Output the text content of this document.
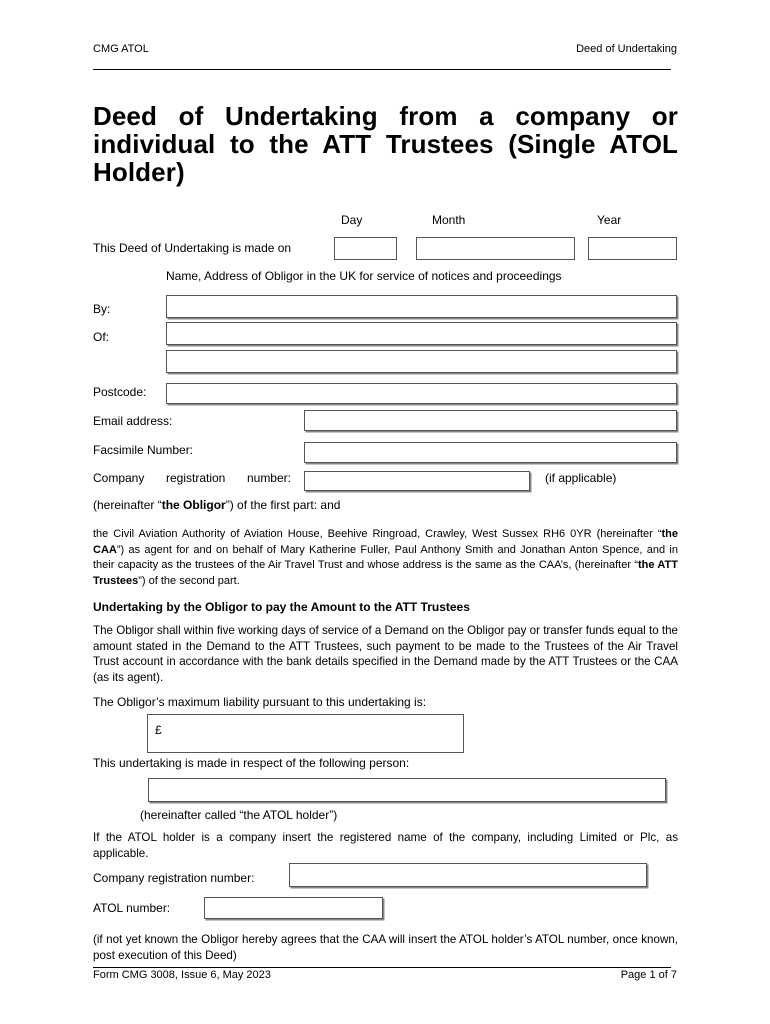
CMG ATOL	Deed of Undertaking
Deed of Undertaking from a company or individual to the ATT Trustees (Single ATOL Holder)
Day	Month	Year
This Deed of Undertaking is made on
Name, Address of Obligor in the UK for service of notices and proceedings
By:
Of:
Postcode:
Email address:
Facsimile Number:
Company registration number:	(if applicable)
(hereinafter “the Obligor”) of the first part: and
the Civil Aviation Authority of Aviation House, Beehive Ringroad, Crawley, West Sussex RH6 0YR (hereinafter “the CAA”) as agent for and on behalf of Mary Katherine Fuller, Paul Anthony Smith and Jonathan Anton Spence, and in their capacity as the trustees of the Air Travel Trust and whose address is the same as the CAA’s, (hereinafter “the ATT Trustees”) of the second part.
Undertaking by the Obligor to pay the Amount to the ATT Trustees
The Obligor shall within five working days of service of a Demand on the Obligor pay or transfer funds equal to the amount stated in the Demand to the ATT Trustees, such payment to be made to the Trustees of the Air Travel Trust account in accordance with the bank details specified in the Demand made by the ATT Trustees or the CAA (as its agent).
The Obligor’s maximum liability pursuant to this undertaking is:
£
This undertaking is made in respect of the following person:
(hereinafter called “the ATOL holder”)
If the ATOL holder is a company insert the registered name of the company, including Limited or Plc, as applicable.
Company registration number:
ATOL number:
(if not yet known the Obligor hereby agrees that the CAA will insert the ATOL holder’s ATOL number, once known, post execution of this Deed)
Form CMG 3008, Issue 6, May 2023	Page 1 of 7
